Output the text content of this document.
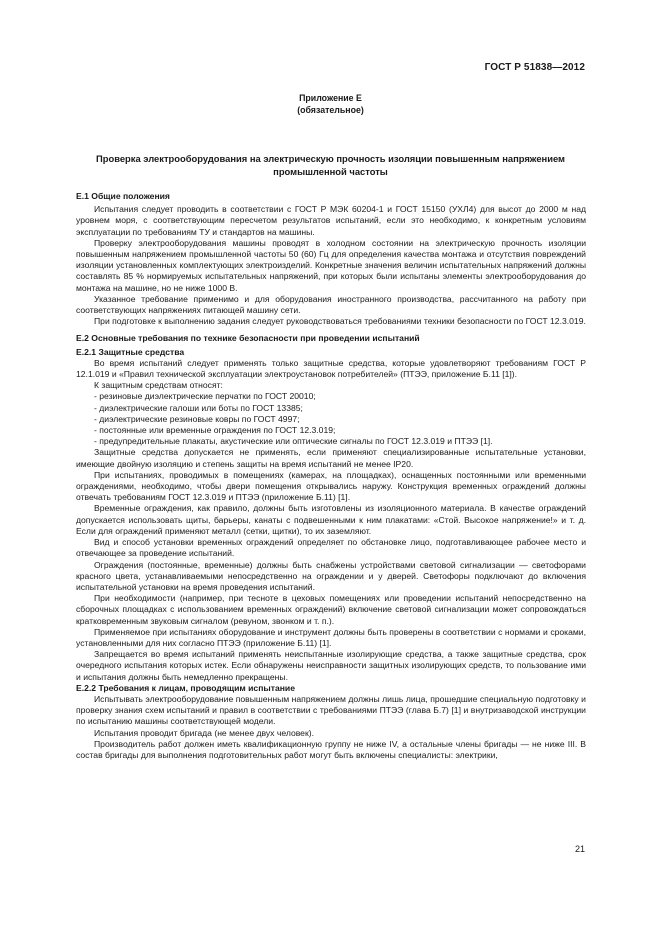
ГОСТ Р 51838—2012
Приложение Е
(обязательное)
Проверка электрооборудования на электрическую прочность изоляции повышенным напряжением промышленной частоты

Е.1 Общие положения

Испытания следует проводить в соответствии с ГОСТ Р МЭК 60204-1 и ГОСТ 15150 (УХЛ4) для высот до 2000 м над уровнем моря, с соответствующим пересчетом результатов испытаний, если это необходимо, к конкретным условиям эксплуатации по требованиям ТУ и стандартов на машины.

Проверку электрооборудования машины проводят в холодном состоянии на электрическую прочность изоляции повышенным напряжением промышленной частоты 50 (60) Гц для определения качества монтажа и отсутствия повреждений изоляции установленных комплектующих электроизделий. Конкретные значения величин испытательных напряжений должны составлять 85 % нормируемых испытательных напряжений, при которых были испытаны элементы электрооборудования до монтажа на машине, но не ниже 1000 В.

Указанное требование применимо и для оборудования иностранного производства, рассчитанного на работу при соответствующих напряжениях питающей машину сети.

При подготовке к выполнению задания следует руководствоваться требованиями техники безопасности по ГОСТ 12.3.019.

Е.2 Основные требования по технике безопасности при проведении испытаний

Е.2.1 Защитные средства

Во время испытаний следует применять только защитные средства, которые удовлетворяют требованиям ГОСТ Р 12.1.019 и «Правил технической эксплуатации электроустановок потребителей» (ПТЭЭ, приложение Б.11 [1]).

К защитным средствам относят:

- резиновые диэлектрические перчатки по ГОСТ 20010;

- диэлектрические галоши или боты по ГОСТ 13385;

- диэлектрические резиновые ковры по ГОСТ 4997;

- постоянные или временные ограждения по ГОСТ 12.3.019;

- предупредительные плакаты, акустические или оптические сигналы по ГОСТ 12.3.019 и ПТЭЭ [1].

Защитные средства допускается не применять, если применяют специализированные испытательные установки, имеющие двойную изоляцию и степень защиты на время испытаний не менее IP20.

При испытаниях, проводимых в помещениях (камерах, на площадках), оснащенных постоянными или временными ограждениями, необходимо, чтобы двери помещения открывались наружу. Конструкция временных ограждений должны отвечать требованиям ГОСТ 12.3.019 и ПТЭЭ (приложение Б.11) [1].

Временные ограждения, как правило, должны быть изготовлены из изоляционного материала. В качестве ограждений допускается использовать щиты, барьеры, канаты с подвешенными к ним плакатами: «Стой. Высокое напряжение!» и т. д. Если для ограждений применяют металл (сетки, щитки), то их заземляют.

Вид и способ установки временных ограждений определяет по обстановке лицо, подготавливающее рабочее место и отвечающее за проведение испытаний.

Ограждения (постоянные, временные) должны быть снабжены устройствами световой сигнализации — светофорами красного цвета, устанавливаемыми непосредственно на ограждении и у дверей. Светофоры подключают до включения испытательной установки на время проведения испытаний.

При необходимости (например, при тесноте в цеховых помещениях или проведении испытаний непосредственно на сборочных площадках с использованием временных ограждений) включение световой сигнализации может сопровождаться кратковременным звуковым сигналом (ревуном, звонком и т. п.).

Применяемое при испытаниях оборудование и инструмент должны быть проверены в соответствии с нормами и сроками, установленными для них согласно ПТЭЭ (приложение Б.11) [1].

Запрещается во время испытаний применять неиспытанные изолирующие средства, а также защитные средства, срок очередного испытания которых истек. Если обнаружены неисправности защитных изолирующих средств, то пользование ими и испытания должны быть немедленно прекращены.

Е.2.2 Требования к лицам, проводящим испытание

Испытывать электрооборудование повышенным напряжением должны лишь лица, прошедшие специальную подготовку и проверку знания схем испытаний и правил в соответствии с требованиями ПТЭЭ (глава Б.7) [1] и внутризаводской инструкции по испытанию машины соответствующей модели.

Испытания проводит бригада (не менее двух человек).

Производитель работ должен иметь квалификационную группу не ниже IV, а остальные члены бригады — не ниже III. В состав бригады для выполнения подготовительных работ могут быть включены специалисты: электрики,

21
